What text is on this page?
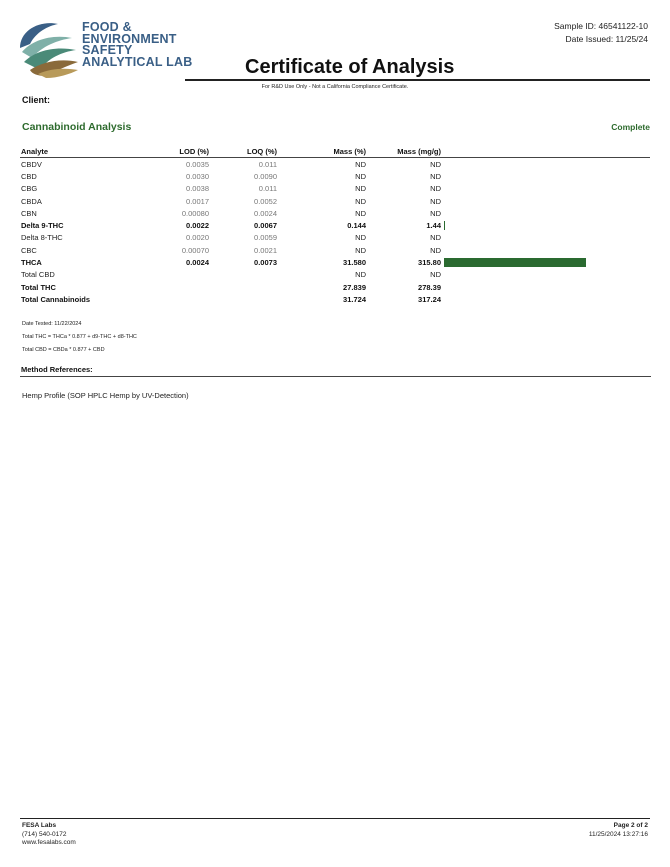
FOOD &
ENVIRONMENT
SAFETY
ANALYTICAL LAB
Sample ID: 46541122-10
Date Issued: 11/25/24
Certificate of Analysis
For R&D Use Only - Not a California Compliance Certificate.
Client:
Cannabinoid Analysis	Complete
Analyte	LOD (%)	LOQ (%)	Mass (%)	Mass (mg/g)	
CBDV	0.0035	0.011	ND	ND	
CBD	0.0030	0.0090	ND	ND	
CBG	0.0038	0.011	ND	ND	
CBDA	0.0017	0.0052	ND	ND	
CBN	0.00080	0.0024	ND	ND	
Delta 9-THC	0.0022	0.0067	0.144	1.44	

Delta 8-THC	0.0020	0.0059	ND	ND	
CBC	0.00070	0.0021	ND	ND	
THCA	0.0024	0.0073	31.580	315.80	

Total CBD			ND	ND	
Total THC			27.839	278.39	
Total Cannabinoids			31.724	317.24	
Date Tested: 11/22/2024
Total THC = THCa * 0.877 + d9-THC + d8-THC
Total CBD = CBDa * 0.877 + CBD
Method References:
Hemp Profile (SOP HPLC Hemp by UV-Detection)
FESA Labs
(714) 540-0172
www.fesalabs.com
Page 2 of 2
11/25/2024 13:27:16
